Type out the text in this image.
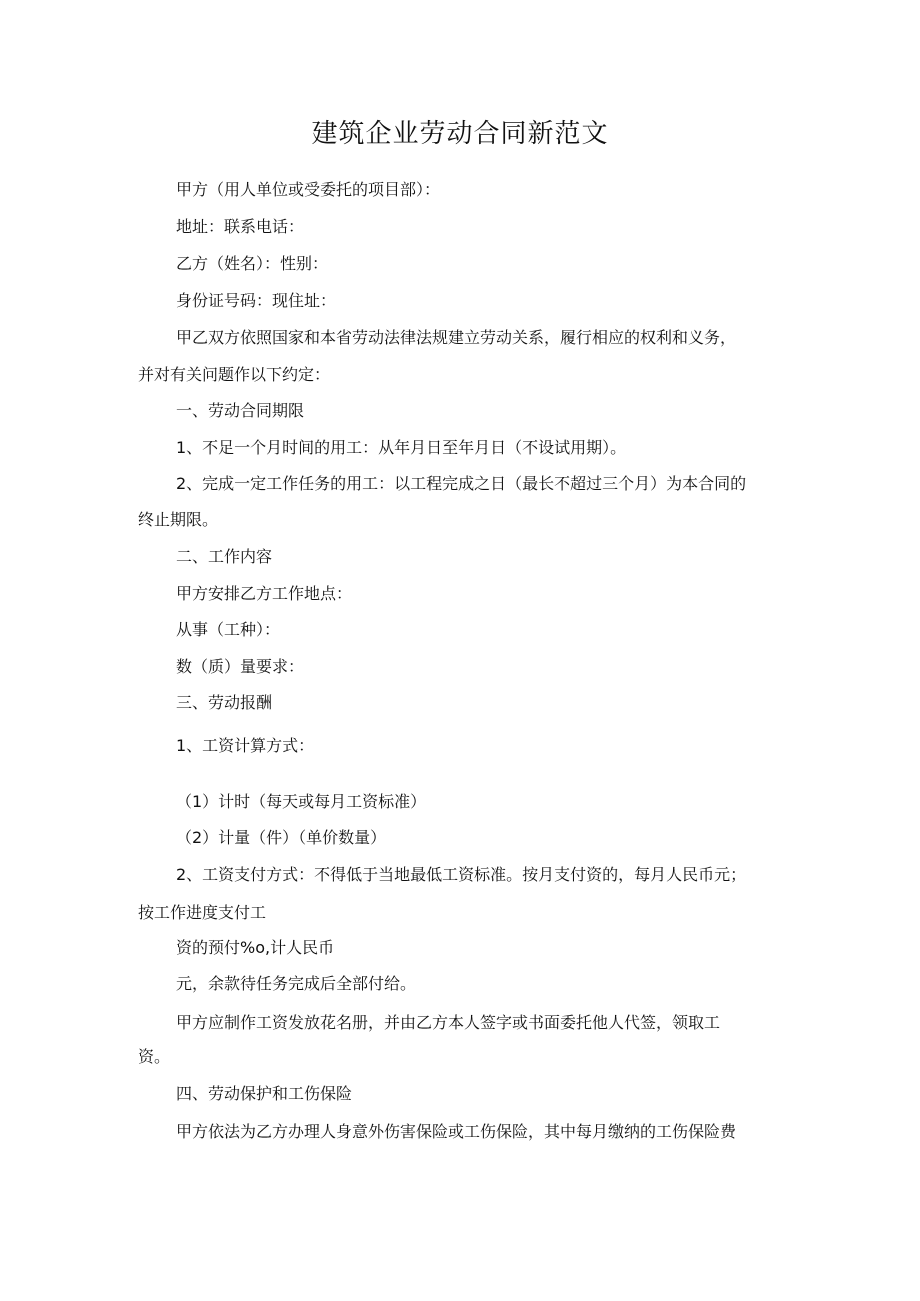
建筑企业劳动合同新范文

甲方（用人单位或受委托的项目部）：

地址：联系电话：

乙方（姓名）：性别：

身份证号码：现住址：

甲乙双方依照国家和本省劳动法律法规建立劳动关系，履行相应的权利和义务，

并对有关问题作以下约定：

一、劳动合同期限

1、不足一个月时间的用工：从年月日至年月日（不设试用期）。

2、完成一定工作任务的用工：以工程完成之日（最长不超过三个月）为本合同的

终止期限。

二、工作内容

甲方安排乙方工作地点：

从事（工种）：

数（质）量要求：

三、劳动报酬

1、工资计算方式：

（1）计时（每天或每月工资标准）

（2）计量（件）（单价数量）

2、工资支付方式：不得低于当地最低工资标准。按月支付资的，每月人民币元；

按工作进度支付工

资的预付%o,计人民币

元，余款待任务完成后全部付给。

甲方应制作工资发放花名册，并由乙方本人签字或书面委托他人代签，领取工

资。

四、劳动保护和工伤保险

甲方依法为乙方办理人身意外伤害保险或工伤保险，其中每月缴纳的工伤保险费
